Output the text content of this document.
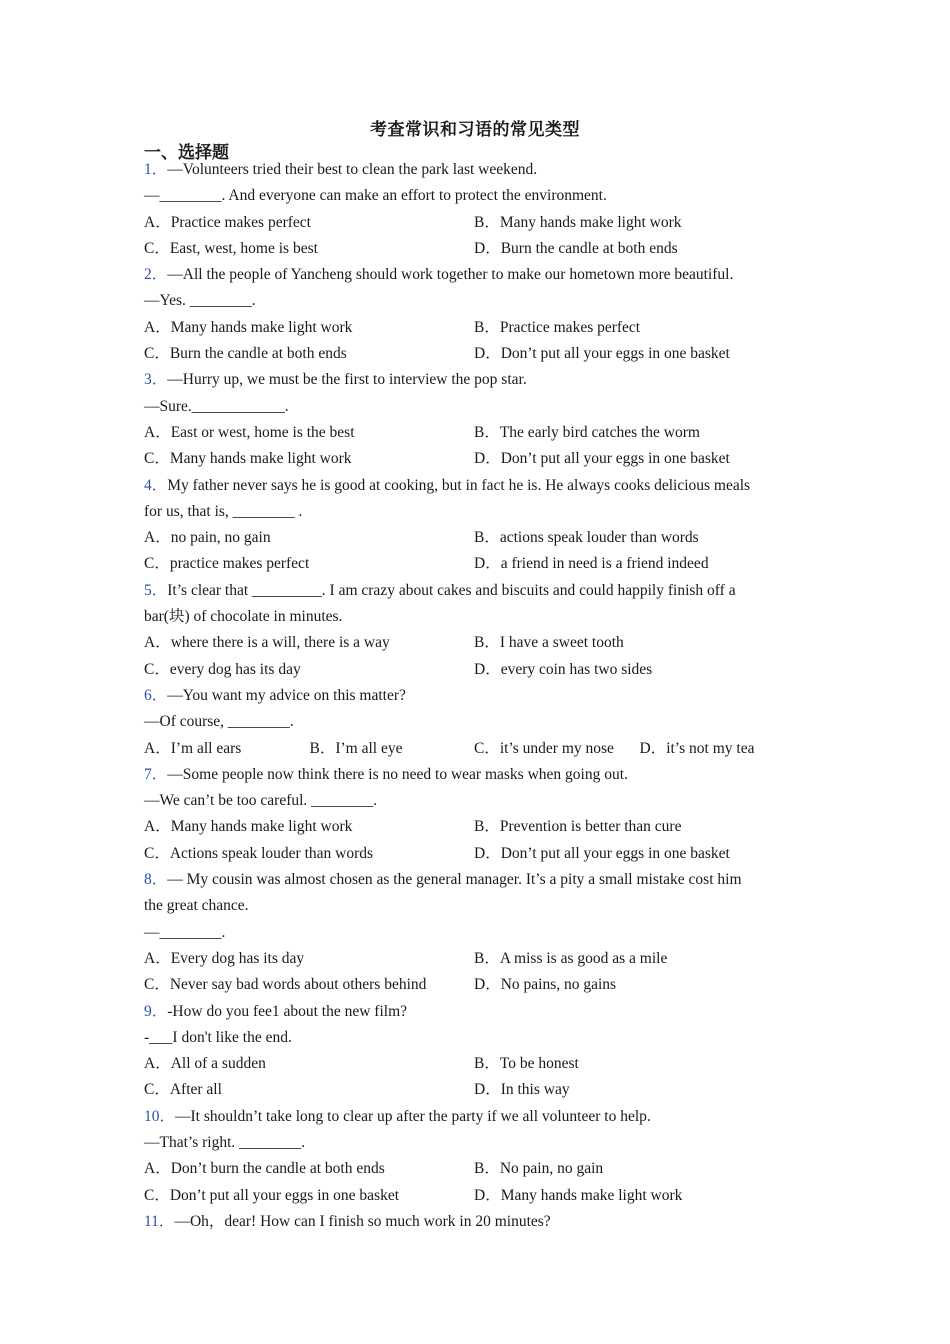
考查常识和习语的常见类型
一、选择题
1．—Volunteers tried their best to clean the park last weekend.
—________. And everyone can make an effort to protect the environment.
A．Practice makes perfect	B．Many hands make light work
C．East, west, home is best	D．Burn the candle at both ends
2．—All the people of Yancheng should work together to make our hometown more beautiful.
—Yes. ________.
A．Many hands make light work	B．Practice makes perfect
C．Burn the candle at both ends	D．Don’t put all your eggs in one basket
3．—Hurry up, we must be the first to interview the pop star.
—Sure.____________.
A．East or west, home is the best	B．The early bird catches the worm
C．Many hands make light work	D．Don’t put all your eggs in one basket
4．My father never says he is good at cooking, but in fact he is. He always cooks delicious meals
for us, that is, ________ .
A．no pain, no gain	B．actions speak louder than words
C．practice makes perfect	D．a friend in need is a friend indeed
5．It’s clear that _________. I am crazy about cakes and biscuits and could happily finish off a
bar(块) of chocolate in minutes.
A．where there is a will, there is a way	B．I have a sweet tooth
C．every dog has its day	D．every coin has two sides
6．—You want my advice on this matter?
—Of course, ________.
A．I’m all ears	B．I’m all eye	C．it’s under my nose	D．it’s not my tea
7．—Some people now think there is no need to wear masks when going out.
—We can’t be too careful. ________.
A．Many hands make light work	B．Prevention is better than cure
C．Actions speak louder than words	D．Don’t put all your eggs in one basket
8．— My cousin was almost chosen as the general manager. It’s a pity a small mistake cost him
the great chance.
—________.
A．Every dog has its day	B．A miss is as good as a mile
C．Never say bad words about others behind	D．No pains, no gains
9．-How do you fee1 about the new film?
-___I don't like the end.
A．All of a sudden	B．To be honest
C．After all	D．In this way
10．—It shouldn’t take long to clear up after the party if we all volunteer to help.
—That’s right. ________.
A．Don’t burn the candle at both ends	B．No pain, no gain
C．Don’t put all your eggs in one basket	D．Many hands make light work
11．—Oh，dear! How can I finish so much work in 20 minutes?
